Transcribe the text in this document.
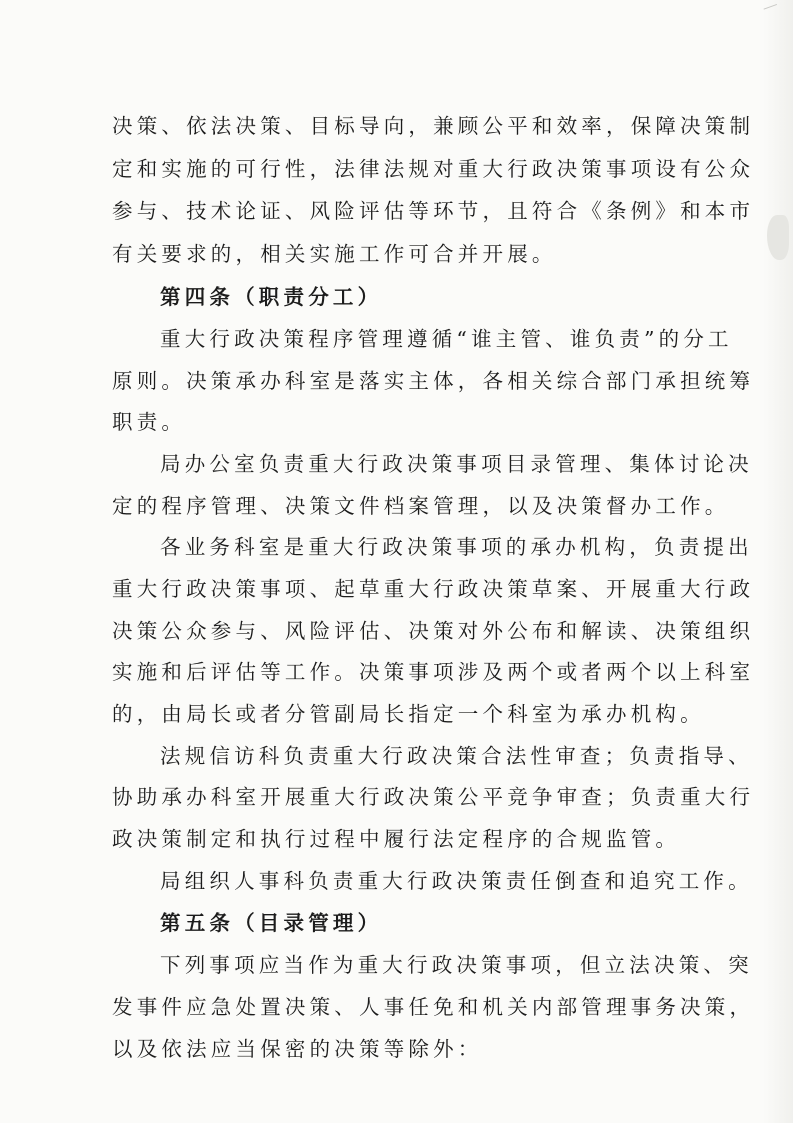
决策、依法决策、目标导向，兼顾公平和效率，保障决策制
定和实施的可行性，法律法规对重大行政决策事项设有公众
参与、技术论证、风险评估等环节，且符合《条例》和本市
有关要求的，相关实施工作可合并开展。
第四条（职责分工）
重大行政决策程序管理遵循“谁主管、谁负责”的分工
原则。决策承办科室是落实主体，各相关综合部门承担统筹
职责。
局办公室负责重大行政决策事项目录管理、集体讨论决
定的程序管理、决策文件档案管理，以及决策督办工作。
各业务科室是重大行政决策事项的承办机构，负责提出
重大行政决策事项、起草重大行政决策草案、开展重大行政
决策公众参与、风险评估、决策对外公布和解读、决策组织
实施和后评估等工作。决策事项涉及两个或者两个以上科室
的，由局长或者分管副局长指定一个科室为承办机构。
法规信访科负责重大行政决策合法性审查；负责指导、
协助承办科室开展重大行政决策公平竞争审查；负责重大行
政决策制定和执行过程中履行法定程序的合规监管。
局组织人事科负责重大行政决策责任倒查和追究工作。
第五条（目录管理）
下列事项应当作为重大行政决策事项，但立法决策、突
发事件应急处置决策、人事任免和机关内部管理事务决策，
以及依法应当保密的决策等除外：
